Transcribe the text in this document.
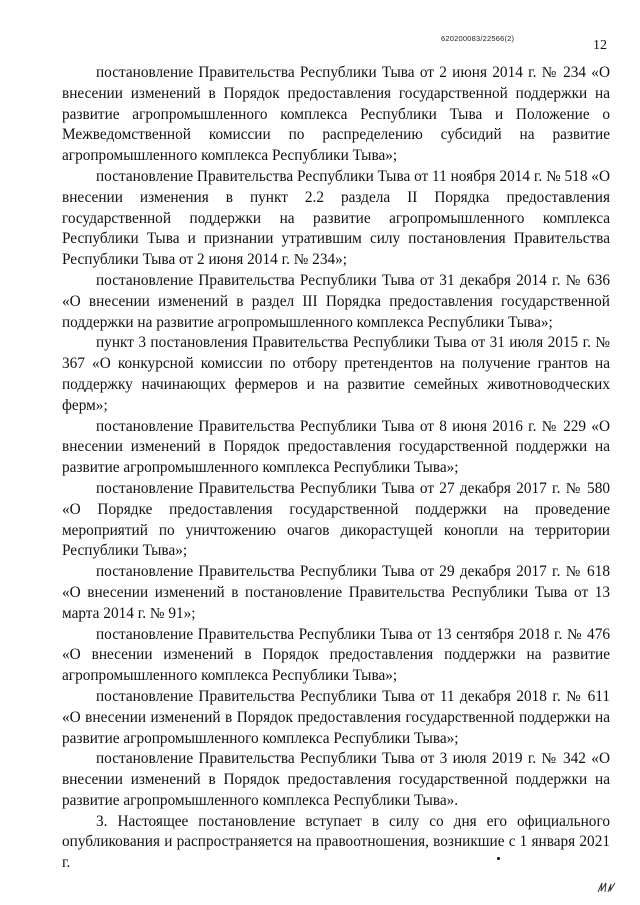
620200083/22566(2)	12

постановление Правительства Республики Тыва от 2 июня 2014 г. № 234 «О внесении изменений в Порядок предоставления государственной поддержки на развитие агропромышленного комплекса Республики Тыва и Положение о Межведомственной комиссии по распределению субсидий на развитие агропромышленного комплекса Республики Тыва»;

постановление Правительства Республики Тыва от 11 ноября 2014 г. № 518 «О внесении изменения в пункт 2.2 раздела II Порядка предоставления государственной поддержки на развитие агропромышленного комплекса Республики Тыва и признании утратившим силу постановления Правительства Республики Тыва от 2 июня 2014 г. № 234»;

постановление Правительства Республики Тыва от 31 декабря 2014 г. № 636 «О внесении изменений в раздел III Порядка предоставления государственной поддержки на развитие агропромышленного комплекса Республики Тыва»;

пункт 3 постановления Правительства Республики Тыва от 31 июля 2015 г. № 367 «О конкурсной комиссии по отбору претендентов на получение грантов на поддержку начинающих фермеров и на развитие семейных животноводческих ферм»;

постановление Правительства Республики Тыва от 8 июня 2016 г. № 229 «О внесении изменений в Порядок предоставления государственной поддержки на развитие агропромышленного комплекса Республики Тыва»;

постановление Правительства Республики Тыва от 27 декабря 2017 г. № 580 «О Порядке предоставления государственной поддержки на проведение мероприятий по уничтожению очагов дикорастущей конопли на территории Республики Тыва»;

постановление Правительства Республики Тыва от 29 декабря 2017 г. № 618 «О внесении изменений в постановление Правительства Республики Тыва от 13 марта 2014 г. № 91»;

постановление Правительства Республики Тыва от 13 сентября 2018 г. № 476 «О внесении изменений в Порядок предоставления поддержки на развитие агропромышленного комплекса Республики Тыва»;

постановление Правительства Республики Тыва от 11 декабря 2018 г. № 611 «О внесении изменений в Порядок предоставления государственной поддержки на развитие агропромышленного комплекса Республики Тыва»;

постановление Правительства Республики Тыва от 3 июля 2019 г. № 342 «О внесении изменений в Порядок предоставления государственной поддержки на развитие агропромышленного комплекса Республики Тыва».

3. Настоящее постановление вступает в силу со дня его официального опубликования и распространяется на правоотношения, возникшие с 1 января 2021 г.
